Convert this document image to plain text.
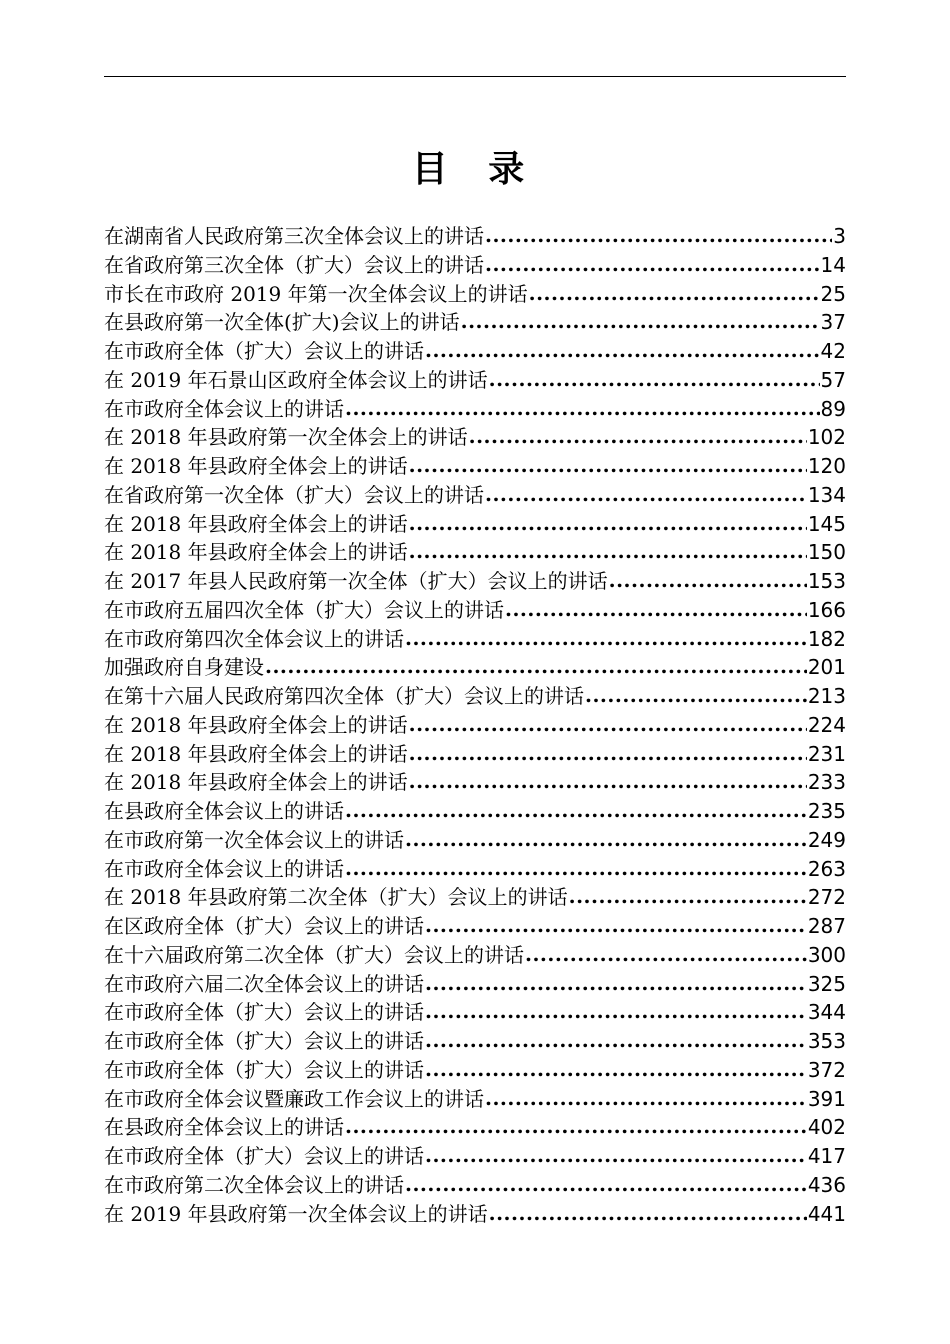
目 录
在湖南省人民政府第三次全体会议上的讲话 .....	3
在省政府第三次全体（扩大）会议上的讲话 .....	14
市长在市政府 2019 年第一次全体会议上的讲话 .....	25
在县政府第一次全体(扩大)会议上的讲话 .....	37
在市政府全体（扩大）会议上的讲话 .....	42
在 2019 年石景山区政府全体会议上的讲话 .....	57
在市政府全体会议上的讲话 .....	89
在 2018 年县政府第一次全体会上的讲话 .....	102
在 2018 年县政府全体会上的讲话 .....	120
在省政府第一次全体（扩大）会议上的讲话 .....	134
在 2018 年县政府全体会上的讲话 .....	145
在 2018 年县政府全体会上的讲话 .....	150
在 2017 年县人民政府第一次全体（扩大）会议上的讲话 .....	153
在市政府五届四次全体（扩大）会议上的讲话 .....	166
在市政府第四次全体会议上的讲话 .....	182
加强政府自身建设 .....	201
在第十六届人民政府第四次全体（扩大）会议上的讲话 .....	213
在 2018 年县政府全体会上的讲话 .....	224
在 2018 年县政府全体会上的讲话 .....	231
在 2018 年县政府全体会上的讲话 .....	233
在县政府全体会议上的讲话 .....	235
在市政府第一次全体会议上的讲话 .....	249
在市政府全体会议上的讲话 .....	263
在 2018 年县政府第二次全体（扩大）会议上的讲话 .....	272
在区政府全体（扩大）会议上的讲话 .....	287
在十六届政府第二次全体（扩大）会议上的讲话 .....	300
在市政府六届二次全体会议上的讲话 .....	325
在市政府全体（扩大）会议上的讲话 .....	344
在市政府全体（扩大）会议上的讲话 .....	353
在市政府全体（扩大）会议上的讲话 .....	372
在市政府全体会议暨廉政工作会议上的讲话 .....	391
在县政府全体会议上的讲话 .....	402
在市政府全体（扩大）会议上的讲话 .....	417
在市政府第二次全体会议上的讲话 .....	436
在 2019 年县政府第一次全体会议上的讲话 .....	441
